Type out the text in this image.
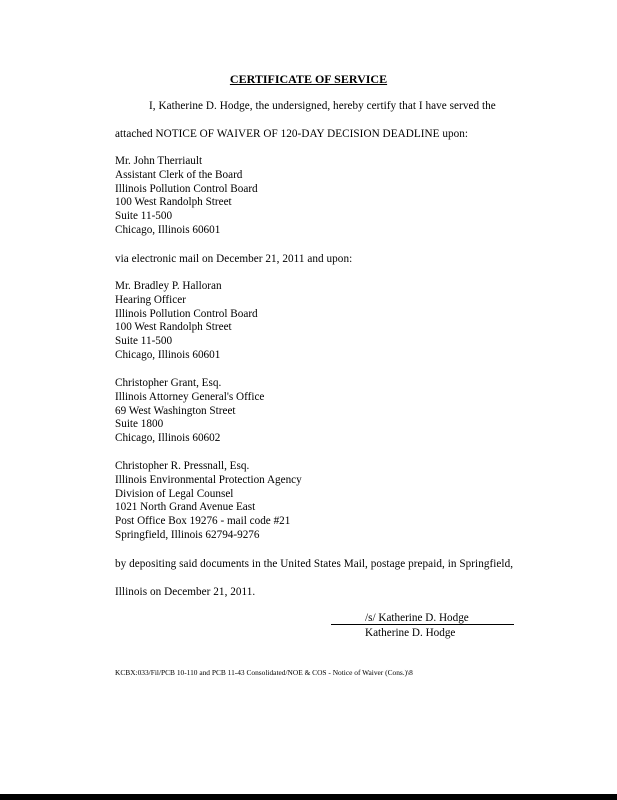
CERTIFICATE OF SERVICE
I, Katherine D. Hodge, the undersigned, hereby certify that I have served the
attached NOTICE OF WAIVER OF 120-DAY DECISION DEADLINE upon:
Mr. John Therriault
Assistant Clerk of the Board
Illinois Pollution Control Board
100 West Randolph Street
Suite 11-500
Chicago, Illinois 60601
via electronic mail on December 21, 2011 and upon:
Mr. Bradley P. Halloran
Hearing Officer
Illinois Pollution Control Board
100 West Randolph Street
Suite 11-500
Chicago, Illinois 60601
Christopher Grant, Esq.
Illinois Attorney General's Office
69 West Washington Street
Suite 1800
Chicago, Illinois 60602
Christopher R. Pressnall, Esq.
Illinois Environmental Protection Agency
Division of Legal Counsel
1021 North Grand Avenue East
Post Office Box 19276 - mail code #21
Springfield, Illinois 62794-9276
by depositing said documents in the United States Mail, postage prepaid, in Springfield,
Illinois on December 21, 2011.
/s/ Katherine D. Hodge
Katherine D. Hodge
KCBX:033/Fil/PCB 10-110 and PCB 11-43 Consolidated/NOE & COS - Notice of Waiver (Cons.)\8
